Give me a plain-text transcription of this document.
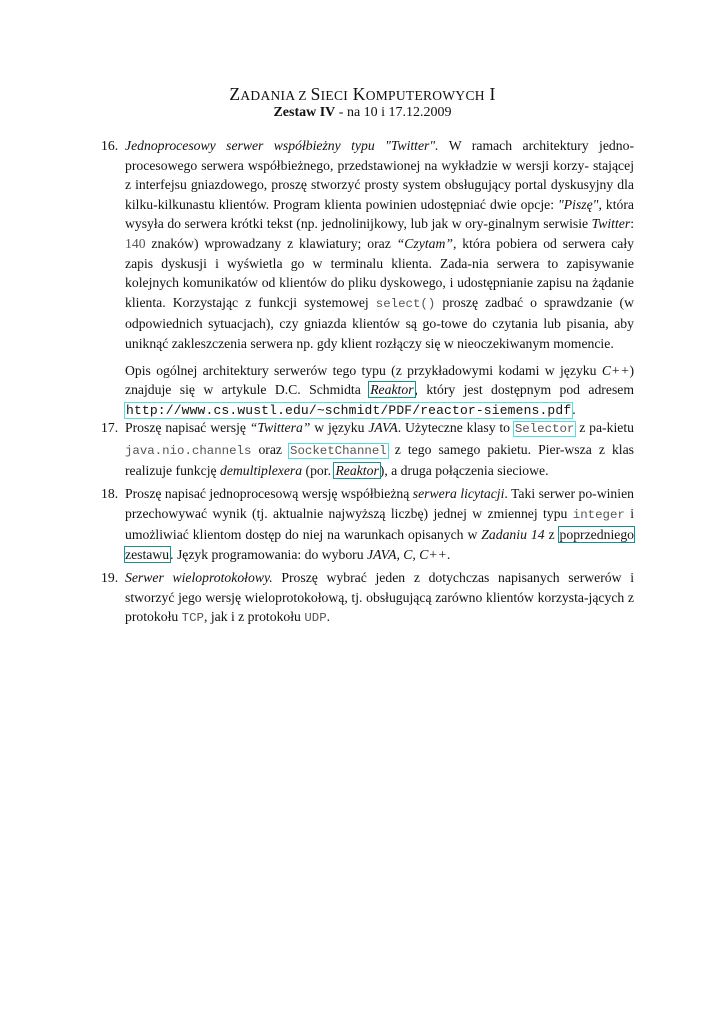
ZADANIA Z SIECI KOMPUTEROWYCH I
Zestaw IV - na 10 i 17.12.2009
16. Jednoprocesowy serwer współbieżny typu "Twitter". W ramach architektury jedno- procesowego serwera współbieżnego, przedstawionej na wykładzie w wersji korzy- stającej z interfejsu gniazdowego, proszę stworzyć prosty system obsługujący portal dyskusyjny dla kilku-kilkunastu klientów. Program klienta powinien udostępniać dwie opcje: "Piszę", która wysyła do serwera krótki tekst (np. jednolinijkowy, lub jak w ory-ginalnym serwisie Twitter: 140 znaków) wprowadzany z klawiatury; oraz “Czytam”, która pobiera od serwera cały zapis dyskusji i wyświetla go w terminalu klienta. Zada-nia serwera to zapisywanie kolejnych komunikatów od klientów do pliku dyskowego, i udostępnianie zapisu na żądanie klienta. Korzystając z funkcji systemowej select() proszę zadbać o sprawdzanie (w odpowiednich sytuacjach), czy gniazda klientów są go-towe do czytania lub pisania, aby uniknąć zakleszczenia serwera np. gdy klient rozłączy się w nieoczekiwanym momencie.

Opis ogólnej architektury serwerów tego typu (z przykładowymi kodami w języku C++) znajduje się w artykule D.C. Schmidta Reaktor, który jest dostępnym pod adresem http://www.cs.wustl.edu/~schmidt/PDF/reactor-siemens.pdf.

17. Proszę napisać wersję “Twittera” w języku JAVA. Użyteczne klasy to Selector z pa-kietu java.nio.channels oraz SocketChannel z tego samego pakietu. Pier-wsza z klas realizuje funkcję demultiplexera (por. Reaktor), a druga połączenia sieciowe.

18. Proszę napisać jednoprocesową wersję współbieżną serwera licytacji. Taki serwer po-winien przechowywać wynik (tj. aktualnie najwyższą liczbę) jednej w zmiennej typu integer i umożliwiać klientom dostęp do niej na warunkach opisanych w Zadaniu 14 z poprzedniego zestawu. Język programowania: do wyboru JAVA, C, C++.

19. Serwer wieloprotokołowy. Proszę wybrać jeden z dotychczas napisanych serwerów i stworzyć jego wersję wieloprotokołową, tj. obsługującą zarówno klientów korzysta-jących z protokołu TCP, jak i z protokołu UDP.
